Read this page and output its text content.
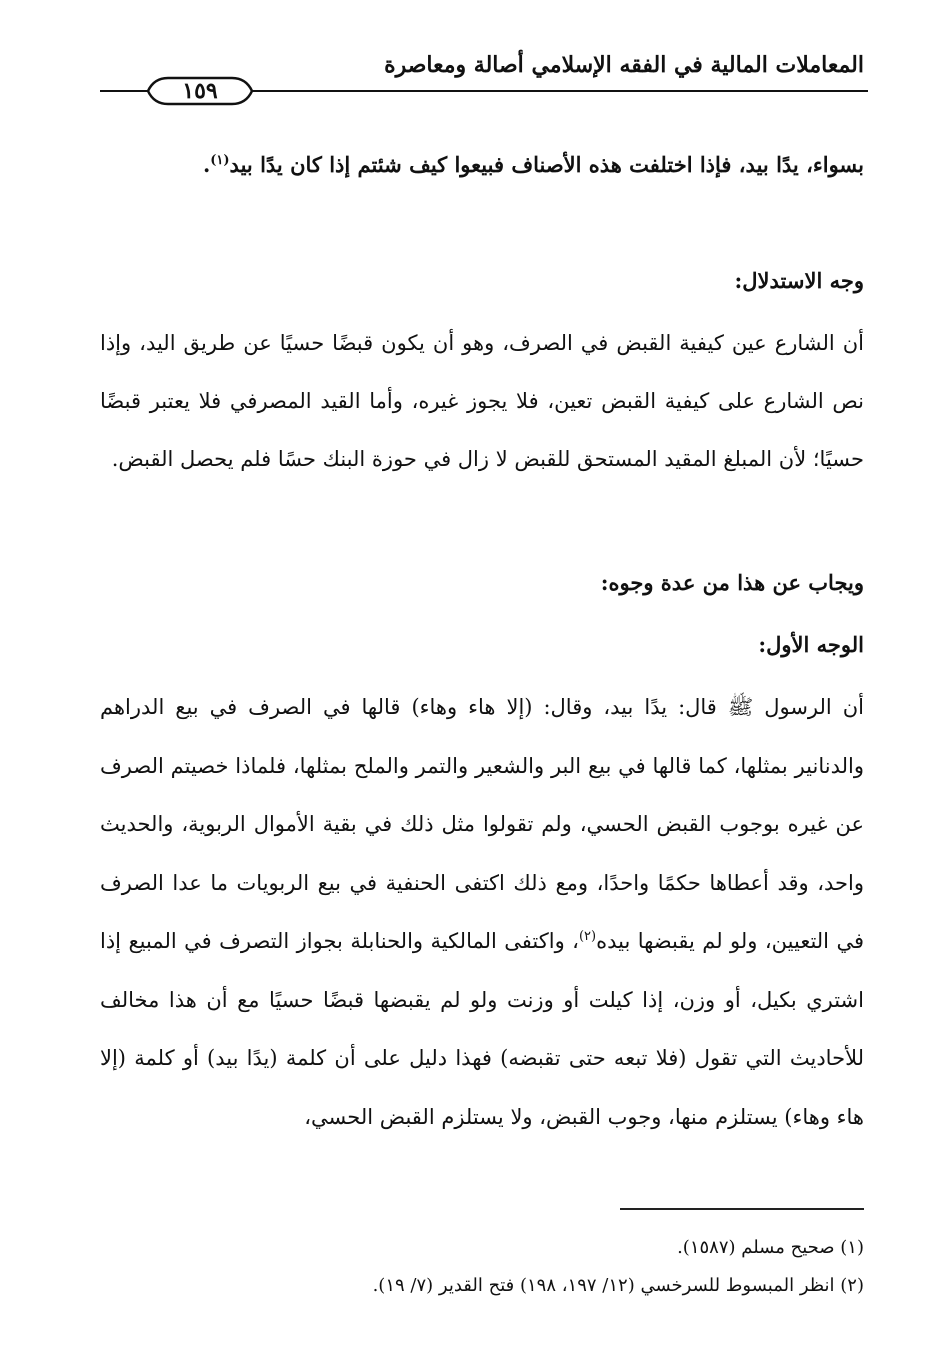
المعاملات المالية في الفقه الإسلامي أصالة ومعاصرة
١٥٩

بسواء، يدًا بيد، فإذا اختلفت هذه الأصناف فبيعوا كيف شئتم إذا كان يدًا بيد$^{(١)}$.

وجه الاستدلال:

أن الشارع عين كيفية القبض في الصرف، وهو أن يكون قبضًا حسيًا عن طريق اليد، وإذا نص الشارع على كيفية القبض تعين، فلا يجوز غيره، وأما القيد المصرفي فلا يعتبر قبضًا حسيًا؛ لأن المبلغ المقيد المستحق للقبض لا زال في حوزة البنك حسًا فلم يحصل القبض.

ويجاب عن هذا من عدة وجوه:
الوجه الأول:

أن الرسول ﷺ قال: يدًا بيد، وقال: (إلا هاء وهاء) قالها في الصرف في بيع الدراهم والدنانير بمثلها، كما قالها في بيع البر والشعير والتمر والملح بمثلها، فلماذا خصيتم الصرف عن غيره بوجوب القبض الحسي، ولم تقولوا مثل ذلك في بقية الأموال الربوية، والحديث واحد، وقد أعطاها حكمًا واحدًا، ومع ذلك اكتفى الحنفية في بيع الربويات ما عدا الصرف في التعيين، ولو لم يقبضها بيده$^{(٢)}$، واكتفى المالكية والحنابلة بجواز التصرف في المبيع إذا اشتري بكيل، أو وزن، إذا كيلت أو وزنت ولو لم يقبضها قبضًا حسيًا مع أن هذا مخالف للأحاديث التي تقول (فلا تبعه حتى تقبضه) فهذا دليل على أن كلمة (يدًا بيد) أو كلمة (إلا هاء وهاء) يستلزم منها، وجوب القبض، ولا يستلزم القبض الحسي،

(١) صحيح مسلم (١٥٨٧).
(٢) انظر المبسوط للسرخسي (١٢/ ١٩٧، ١٩٨) فتح القدير (٧/ ١٩).
